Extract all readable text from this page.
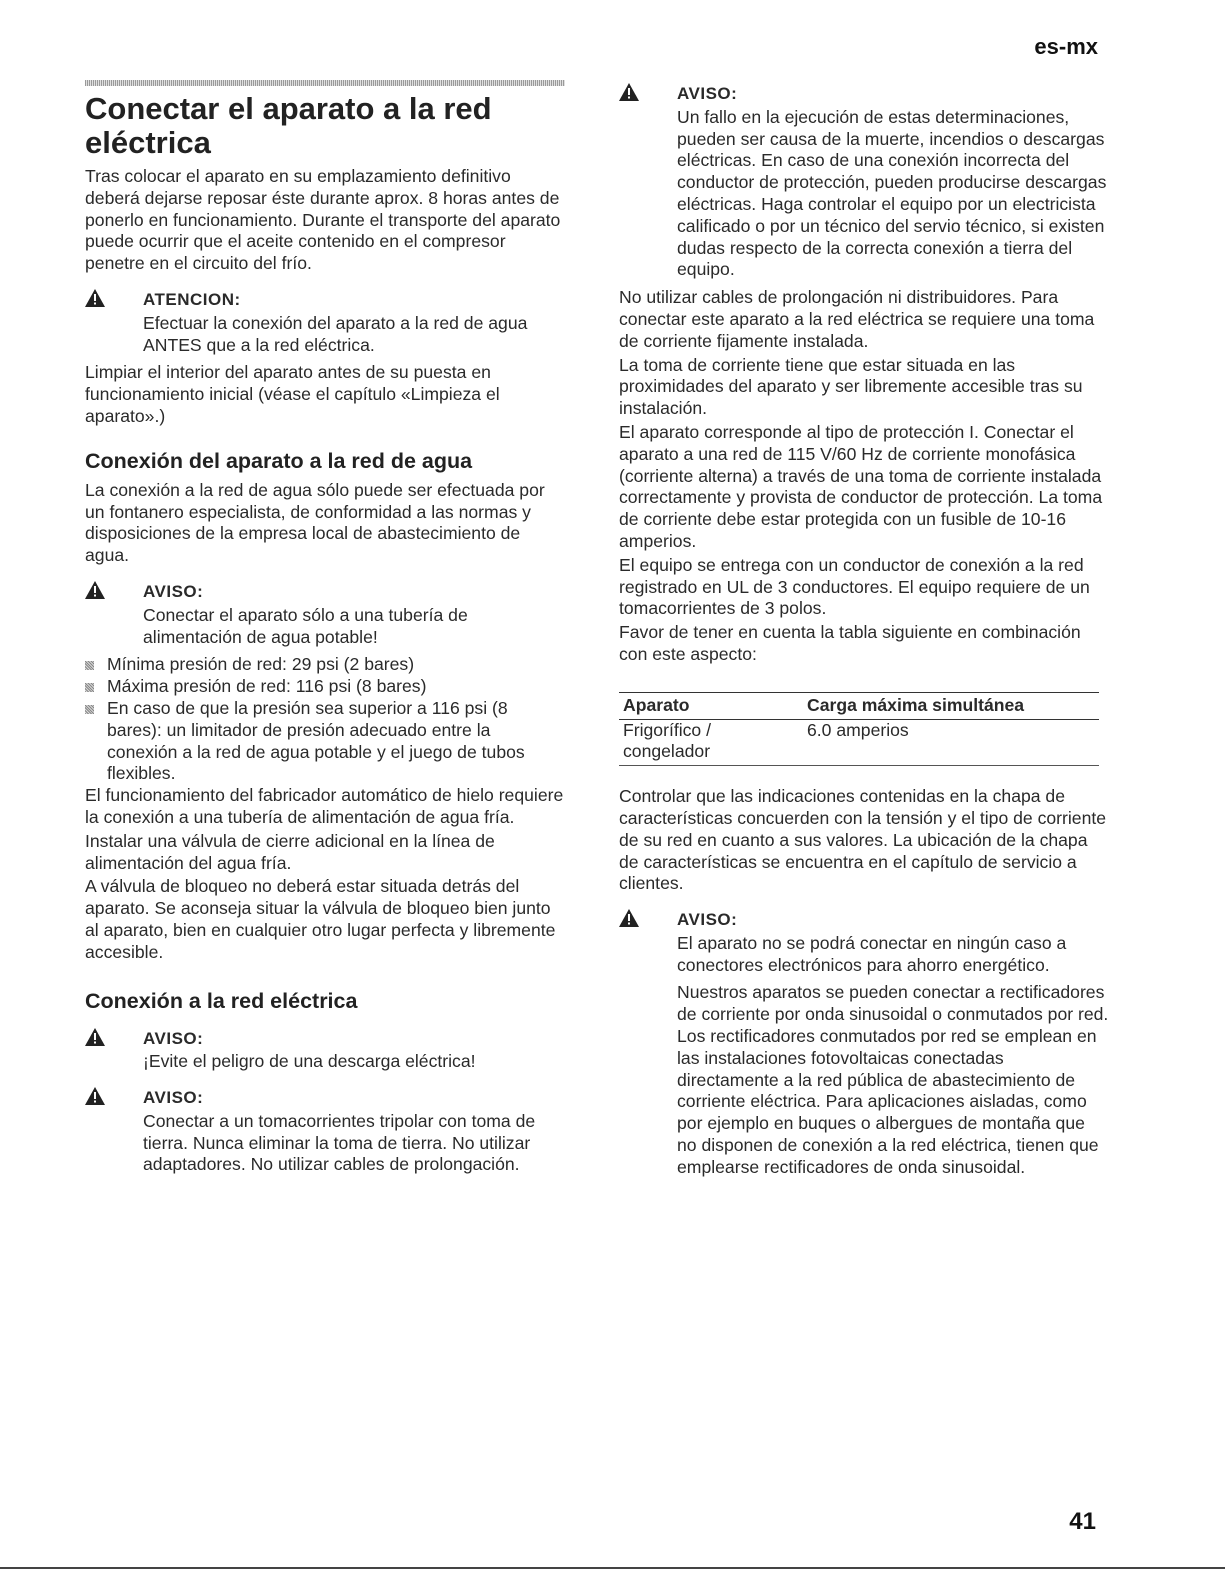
es-mx
Conectar el aparato a la red eléctrica

Tras colocar el aparato en su emplazamiento definitivo deberá dejarse reposar éste durante aprox. 8 horas antes de ponerlo en funcionamiento. Durante el transporte del aparato puede ocurrir que el aceite contenido en el compresor penetre en el circuito del frío.

ATENCION:
Efectuar la conexión del aparato a la red de agua ANTES que a la red eléctrica.

Limpiar el interior del aparato antes de su puesta en funcionamiento inicial (véase el capítulo «Limpieza el aparato».)

Conexión del aparato a la red de agua

La conexión a la red de agua sólo puede ser efectuada por un fontanero especialista, de conformidad a las normas y disposiciones de la empresa local de abastecimiento de agua.

AVISO:
Conectar el aparato sólo a una tubería de alimentación de agua potable!
Mínima presión de red: 29 psi (2 bares)
Máxima presión de red: 116 psi (8 bares)
En caso de que la presión sea superior a 116 psi (8 bares): un limitador de presión adecuado entre la conexión a la red de agua potable y el juego de tubos flexibles.

El funcionamiento del fabricador automático de hielo requiere la conexión a una tubería de alimentación de agua fría.

Instalar una válvula de cierre adicional en la línea de alimentación del agua fría.

A válvula de bloqueo no deberá estar situada detrás del aparato. Se aconseja situar la válvula de bloqueo bien junto al aparato, bien en cualquier otro lugar perfecta y libremente accesible.

Conexión a la red eléctrica
AVISO:
¡Evite el peligro de una descarga eléctrica!
AVISO:
Conectar a un tomacorrientes tripolar con toma de tierra. Nunca eliminar la toma de tierra. No utilizar adaptadores. No utilizar cables de prolongación.
AVISO:
Un fallo en la ejecución de estas determinaciones, pueden ser causa de la muerte, incendios o descargas eléctricas. En caso de una conexión incorrecta del conductor de protección, pueden producirse descargas eléctricas. Haga controlar el equipo por un electricista calificado o por un técnico del servio técnico, si existen dudas respecto de la correcta conexión a tierra del equipo.

No utilizar cables de prolongación ni distribuidores. Para conectar este aparato a la red eléctrica se requiere una toma de corriente fijamente instalada.

La toma de corriente tiene que estar situada en las proximidades del aparato y ser libremente accesible tras su instalación.

El aparato corresponde al tipo de protección I. Conectar el aparato a una red de 115 V/60 Hz de corriente monofásica (corriente alterna) a través de una toma de corriente instalada correctamente y provista de conductor de protección. La toma de corriente debe estar protegida con un fusible de 10-16 amperios.

El equipo se entrega con un conductor de conexión a la red registrado en UL de 3 conductores. El equipo requiere de un tomacorrientes de 3 polos.

Favor de tener en cuenta la tabla siguiente en combinación con este aspecto:

Aparato	Carga máxima simultánea
Frigorífico / congelador	6.0 amperios

Controlar que las indicaciones contenidas en la chapa de características concuerden con la tensión y el tipo de corriente de su red en cuanto a sus valores. La ubicación de la chapa de características se encuentra en el capítulo de servicio a clientes.

AVISO:
El aparato no se podrá conectar en ningún caso a conectores electrónicos para ahorro energético.
Nuestros aparatos se pueden conectar a rectificadores de corriente por onda sinusoidal o conmutados por red. Los rectificadores conmutados por red se emplean en las instalaciones fotovoltaicas conectadas directamente a la red pública de abastecimiento de corriente eléctrica. Para aplicaciones aisladas, como por ejemplo en buques o albergues de montaña que no disponen de conexión a la red eléctrica, tienen que emplearse rectificadores de onda sinusoidal.
41
